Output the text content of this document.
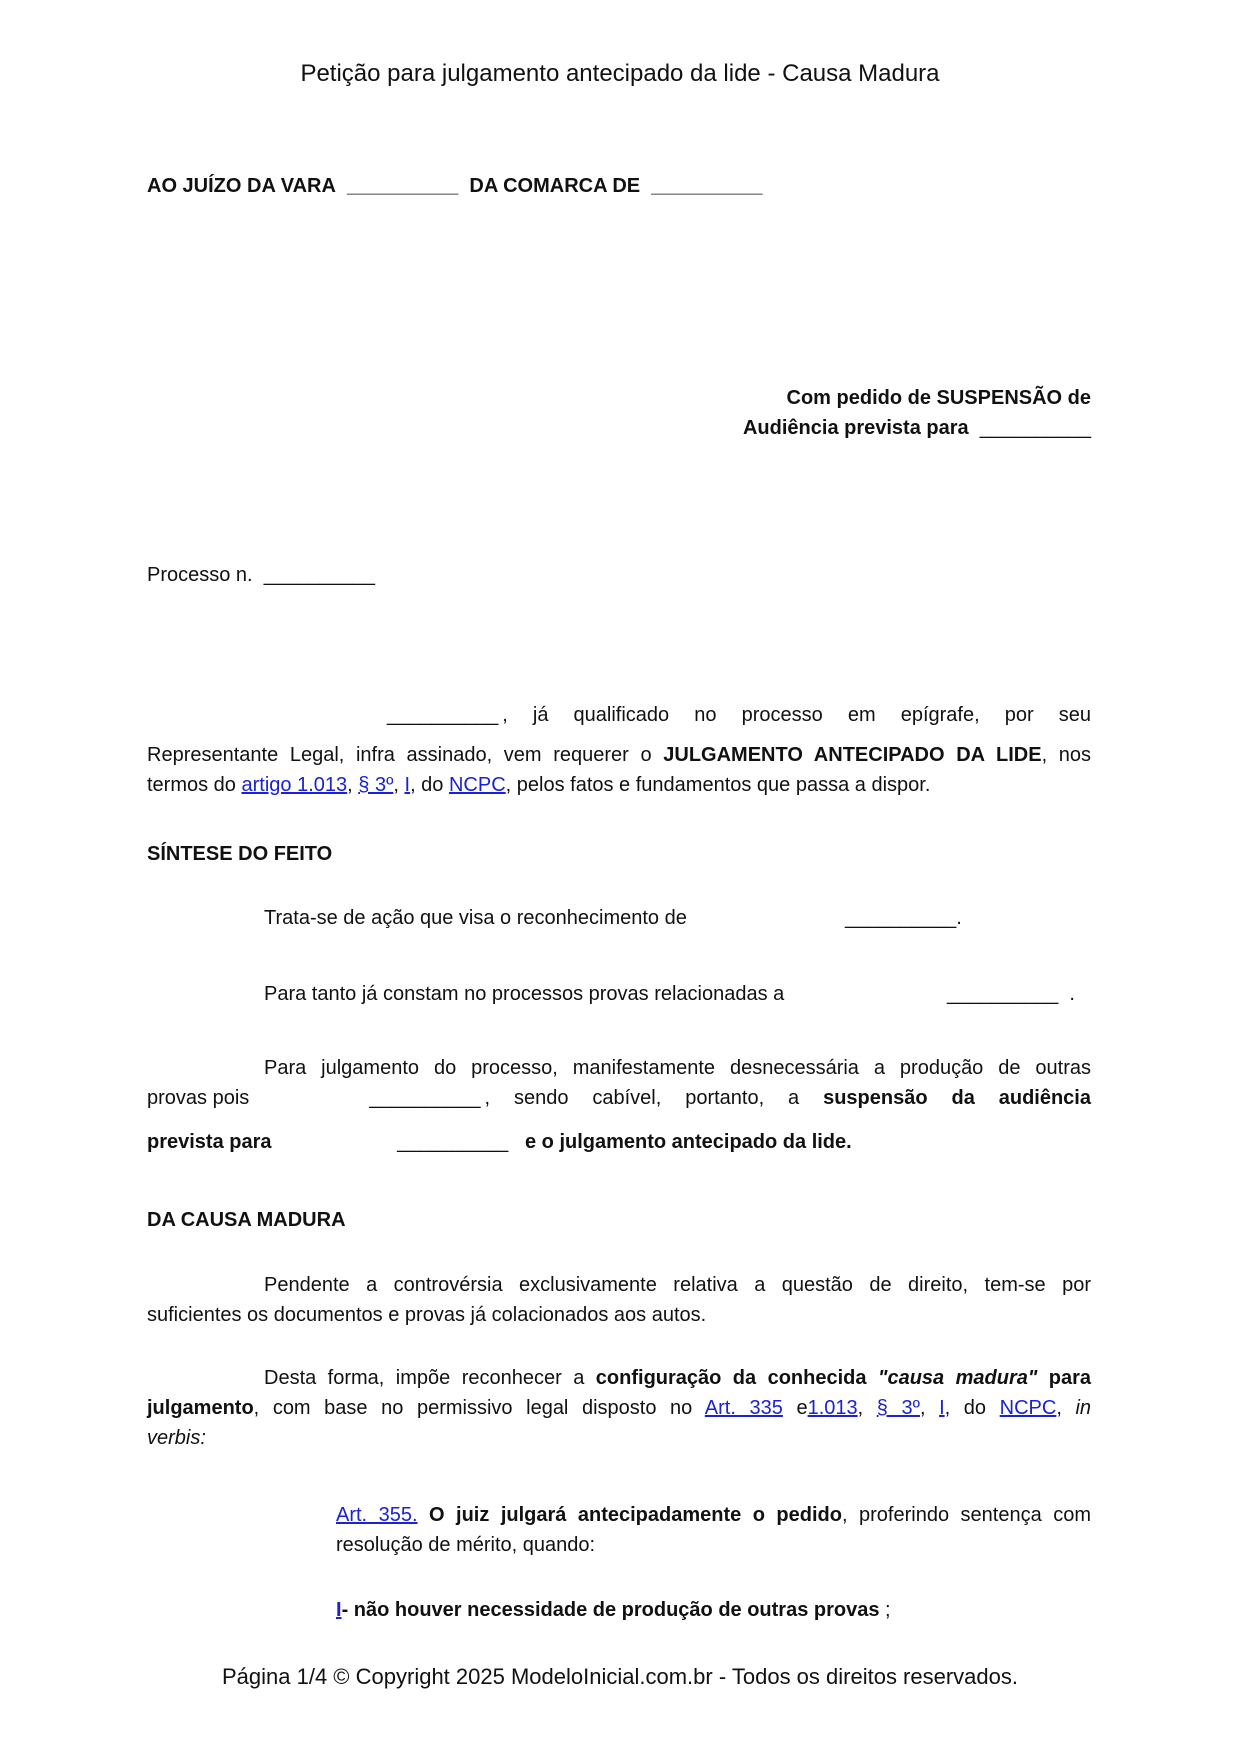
Petição para julgamento antecipado da lide - Causa Madura
AO JUÍZO DA VARA __________ DA COMARCA DE __________
Com pedido de SUSPENSÃO de
Audiência prevista para __________
Processo n. __________
__________ , já qualificado no processo em epígrafe, por seu
Representante Legal, infra assinado, vem requerer o JULGAMENTO ANTECIPADO DA LIDE, nos
termos do artigo 1.013, § 3º, I, do NCPC, pelos fatos e fundamentos que passa a dispor.
SÍNTESE DO FEITO
Trata-se de ação que visa o reconhecimento de	__________.
Para tanto já constam no processos provas relacionadas a	__________ .
Para julgamento do processo, manifestamente desnecessária a produção de outras
provas pois	__________ , sendo cabível, portanto, a suspensão da audiência
prevista para	__________ e o julgamento antecipado da lide.
DA CAUSA MADURA
Pendente a controvérsia exclusivamente relativa a questão de direito, tem-se por
suficientes os documentos e provas já colacionados aos autos.
Desta forma, impõe reconhecer a configuração da conhecida "causa madura" para
julgamento, com base no permissivo legal disposto no Art. 335 e1.013, § 3º, I, do NCPC, in
verbis:
Art. 355. O juiz julgará antecipadamente o pedido, proferindo sentença com
resolução de mérito, quando:
I- não houver necessidade de produção de outras provas ;
Página 1/4 © Copyright 2025 ModeloInicial.com.br - Todos os direitos reservados.
